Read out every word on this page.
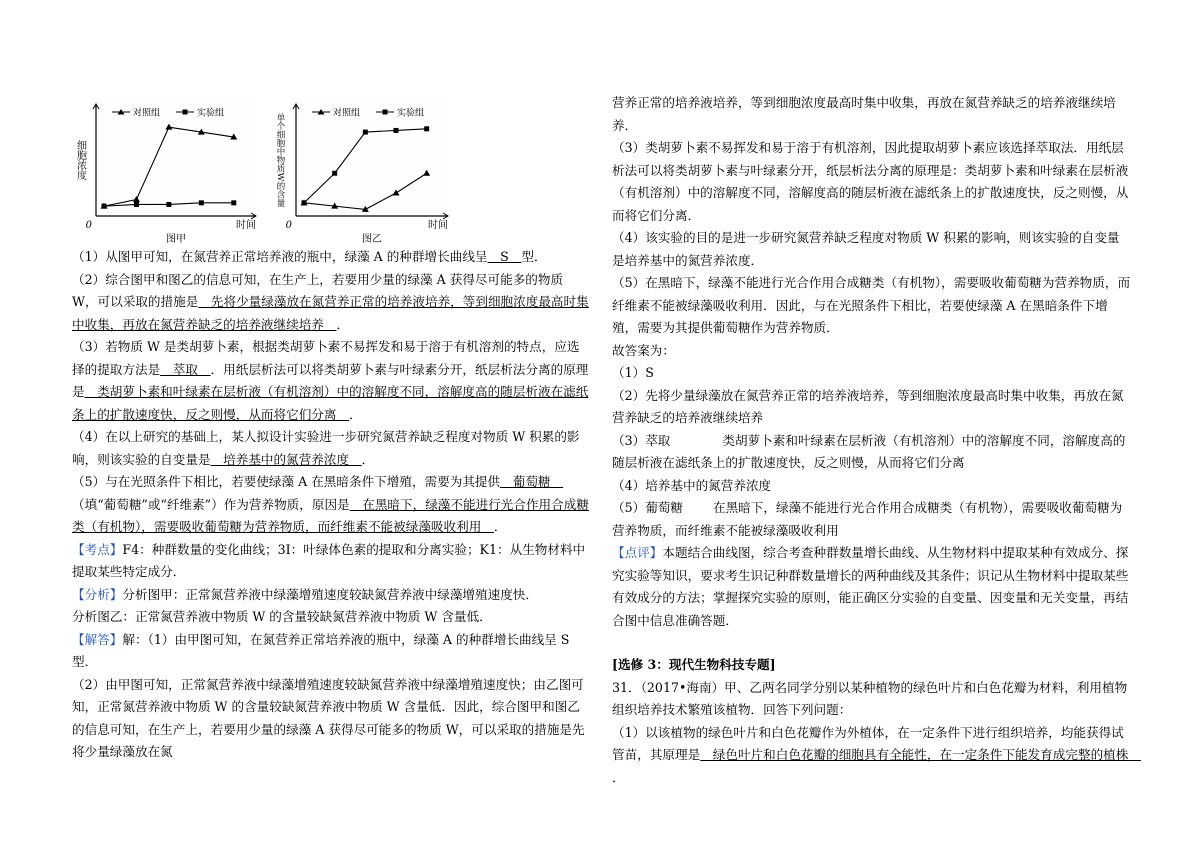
0	时间
图甲
细胞浓度
对照组	实验组
0	时间
图乙
单个细胞中物质W的含量	对照组	实验组

（1）从图甲可知，在氮营养正常培养液的瓶中，绿藻 A 的种群增长曲线呈　S　型．

（2）综合图甲和图乙的信息可知，在生产上，若要用少量的绿藻 A 获得尽可能多的物质 W，可以采取的措施是　先将少量绿藻放在氮营养正常的培养液培养，等到细胞浓度最高时集中收集，再放在氮营养缺乏的培养液继续培养　．

（3）若物质 W 是类胡萝卜素，根据类胡萝卜素不易挥发和易于溶于有机溶剂的特点，应选择的提取方法是　萃取　．用纸层析法可以将类胡萝卜素与叶绿素分开，纸层析法分离的原理是　类胡萝卜素和叶绿素在层析液（有机溶剂）中的溶解度不同，溶解度高的随层析液在滤纸条上的扩散速度快，反之则慢，从而将它们分离　．

（4）在以上研究的基础上，某人拟设计实验进一步研究氮营养缺乏程度对物质 W 积累的影响，则该实验的自变量是　培养基中的氮营养浓度　．

（5）与在光照条件下相比，若要使绿藻 A 在黑暗条件下增殖，需要为其提供　葡萄糖　（填“葡萄糖”或“纤维素”）作为营养物质，原因是　在黑暗下，绿藻不能进行光合作用合成糖类（有机物），需要吸收葡萄糖为营养物质，而纤维素不能被绿藻吸收利用　．

【考点】F4：种群数量的变化曲线；3I：叶绿体色素的提取和分离实验；K1：从生物材料中提取某些特定成分．

【分析】分析图甲：正常氮营养液中绿藻增殖速度较缺氮营养液中绿藻增殖速度快．

分析图乙：正常氮营养液中物质 W 的含量较缺氮营养液中物质 W 含量低．

【解答】解：（1）由甲图可知，在氮营养正常培养液的瓶中，绿藻 A 的种群增长曲线呈 S 型．

（2）由甲图可知，正常氮营养液中绿藻增殖速度较缺氮营养液中绿藻增殖速度快；由乙图可知，正常氮营养液中物质 W 的含量较缺氮营养液中物质 W 含量低．因此，综合图甲和图乙的信息可知，在生产上，若要用少量的绿藻 A 获得尽可能多的物质 W，可以采取的措施是先将少量绿藻放在氮

营养正常的培养液培养，等到细胞浓度最高时集中收集，再放在氮营养缺乏的培养液继续培养．

（3）类胡萝卜素不易挥发和易于溶于有机溶剂，因此提取胡萝卜素应该选择萃取法．用纸层析法可以将类胡萝卜素与叶绿素分开，纸层析法分离的原理是：类胡萝卜素和叶绿素在层析液（有机溶剂）中的溶解度不同，溶解度高的随层析液在滤纸条上的扩散速度快，反之则慢，从而将它们分离．

（4）该实验的目的是进一步研究氮营养缺乏程度对物质 W 积累的影响，则该实验的自变量是培养基中的氮营养浓度．

（5）在黑暗下，绿藻不能进行光合作用合成糖类（有机物），需要吸收葡萄糖为营养物质，而纤维素不能被绿藻吸收利用．因此，与在光照条件下相比，若要使绿藻 A 在黑暗条件下增殖，需要为其提供葡萄糖作为营养物质．

故答案为：

（1）S

（2）先将少量绿藻放在氮营养正常的培养液培养，等到细胞浓度最高时集中收集，再放在氮营养缺乏的培养液继续培养

（3）萃取	类胡萝卜素和叶绿素在层析液（有机溶剂）中的溶解度不同，溶解度高的随层析液在滤纸条上的扩散速度快，反之则慢，从而将它们分离

（4）培养基中的氮营养浓度

（5）葡萄糖 在黑暗下，绿藻不能进行光合作用合成糖类（有机物），需要吸收葡萄糖为营养物质，而纤维素不能被绿藻吸收利用

【点评】本题结合曲线图，综合考查种群数量增长曲线、从生物材料中提取某种有效成分、探究实验等知识，要求考生识记种群数量增长的两种曲线及其条件；识记从生物材料中提取某些有效成分的方法；掌握探究实验的原则，能正确区分实验的自变量、因变量和无关变量，再结合图中信息准确答题．

[选修 3：现代生物科技专题]

31．（2017•海南）甲、乙两名同学分别以某种植物的绿色叶片和白色花瓣为材料，利用植物组织培养技术繁殖该植物．回答下列问题：

（1）以该植物的绿色叶片和白色花瓣作为外植体，在一定条件下进行组织培养，均能获得试管苗，其原理是　绿色叶片和白色花瓣的细胞具有全能性，在一定条件下能发育成完整的植株　．
